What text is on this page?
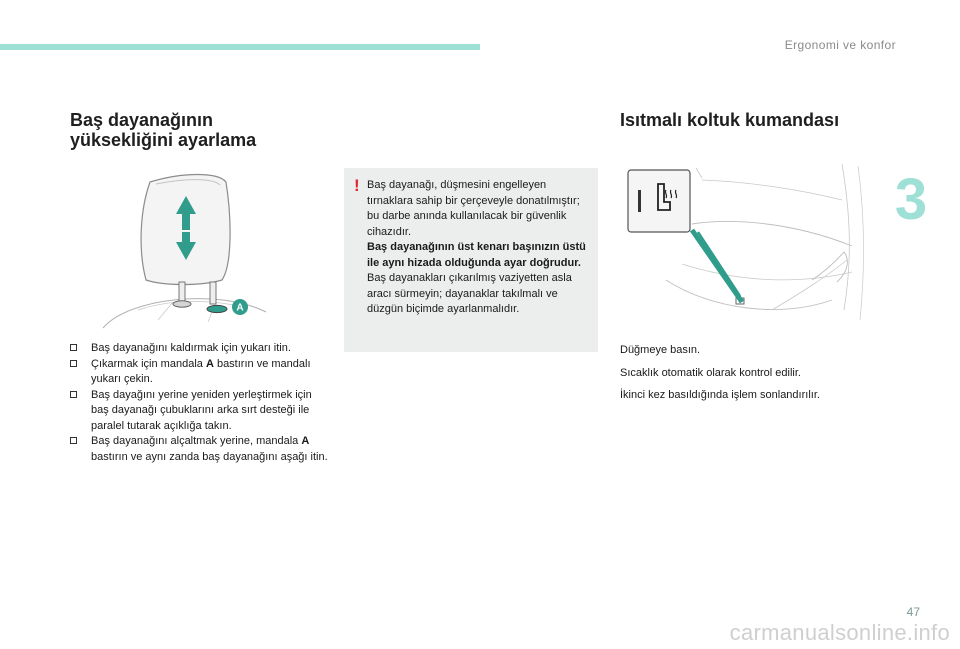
Ergonomi ve konfor
3
Baş dayanağının
yüksekliğini ayarlama
A
Baş dayanağını kaldırmak için yukarı itin.
Çıkarmak için mandala A bastırın ve mandalı yukarı çekin.
Baş dayağını yerine yeniden yerleştirmek için baş dayanağı çubuklarını arka sırt desteği ile paralel tutarak açıklığa takın.
Baş dayanağını alçaltmak yerine, mandala A bastırın ve aynı zanda baş dayanağını aşağı itin.
! Baş dayanağı, düşmesini engelleyen tırnaklara sahip bir çerçeveyle donatılmıştır; bu darbe anında kullanılacak bir güvenlik cihazıdır.

Baş dayanağının üst kenarı başınızın üstü ile aynı hizada olduğunda ayar doğrudur.

Baş dayanakları çıkarılmış vaziyetten asla aracı sürmeyin; dayanaklar takılmalı ve düzgün biçimde ayarlanmalıdır.

Isıtmalı koltuk kumandası

Düğmeye basın.

Sıcaklık otomatik olarak kontrol edilir.

İkinci kez basıldığında işlem sonlandırılır.

47
carmanualsonline.info
